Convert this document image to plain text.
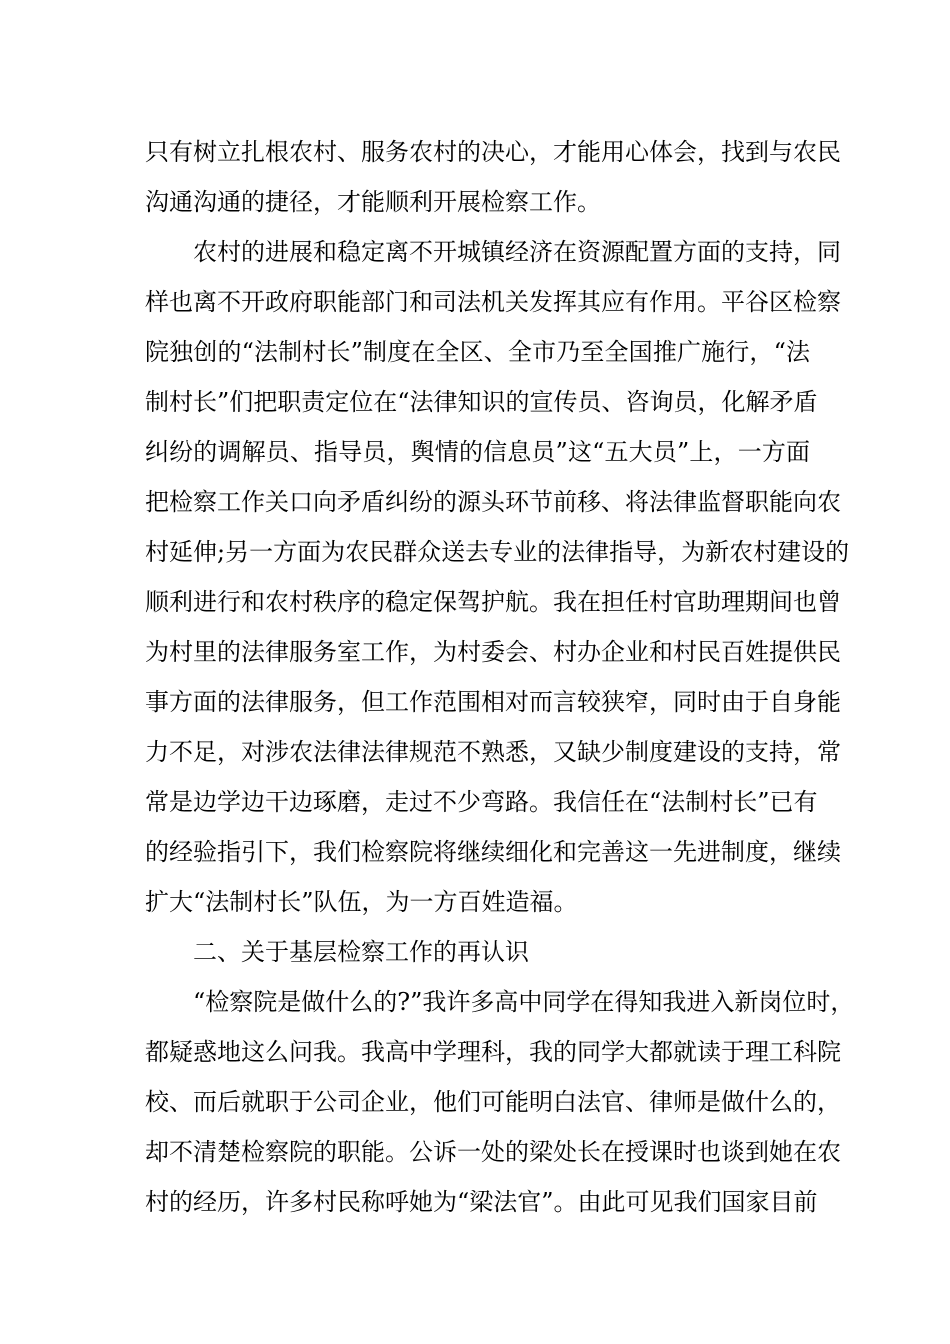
只有树立扎根农村、服务农村的决心，才能用心体会，找到与农民
沟通沟通的捷径，才能顺利开展检察工作。
农村的进展和稳定离不开城镇经济在资源配置方面的支持，同
样也离不开政府职能部门和司法机关发挥其应有作用。平谷区检察
院独创的“法制村长”制度在全区、全市乃至全国推广施行，“法
制村长”们把职责定位在“法律知识的宣传员、咨询员，化解矛盾
纠纷的调解员、指导员，舆情的信息员”这“五大员”上，一方面
把检察工作关口向矛盾纠纷的源头环节前移、将法律监督职能向农
村延伸;另一方面为农民群众送去专业的法律指导，为新农村建设的
顺利进行和农村秩序的稳定保驾护航。我在担任村官助理期间也曾
为村里的法律服务室工作，为村委会、村办企业和村民百姓提供民
事方面的法律服务，但工作范围相对而言较狭窄，同时由于自身能
力不足，对涉农法律法律规范不熟悉，又缺少制度建设的支持，常
常是边学边干边琢磨，走过不少弯路。我信任在“法制村长”已有
的经验指引下，我们检察院将继续细化和完善这一先进制度，继续
扩大“法制村长”队伍，为一方百姓造福。
二、关于基层检察工作的再认识
“检察院是做什么的?”我许多高中同学在得知我进入新岗位时，
都疑惑地这么问我。我高中学理科，我的同学大都就读于理工科院
校、而后就职于公司企业，他们可能明白法官、律师是做什么的，
却不清楚检察院的职能。公诉一处的梁处长在授课时也谈到她在农
村的经历，许多村民称呼她为“梁法官”。由此可见我们国家目前
